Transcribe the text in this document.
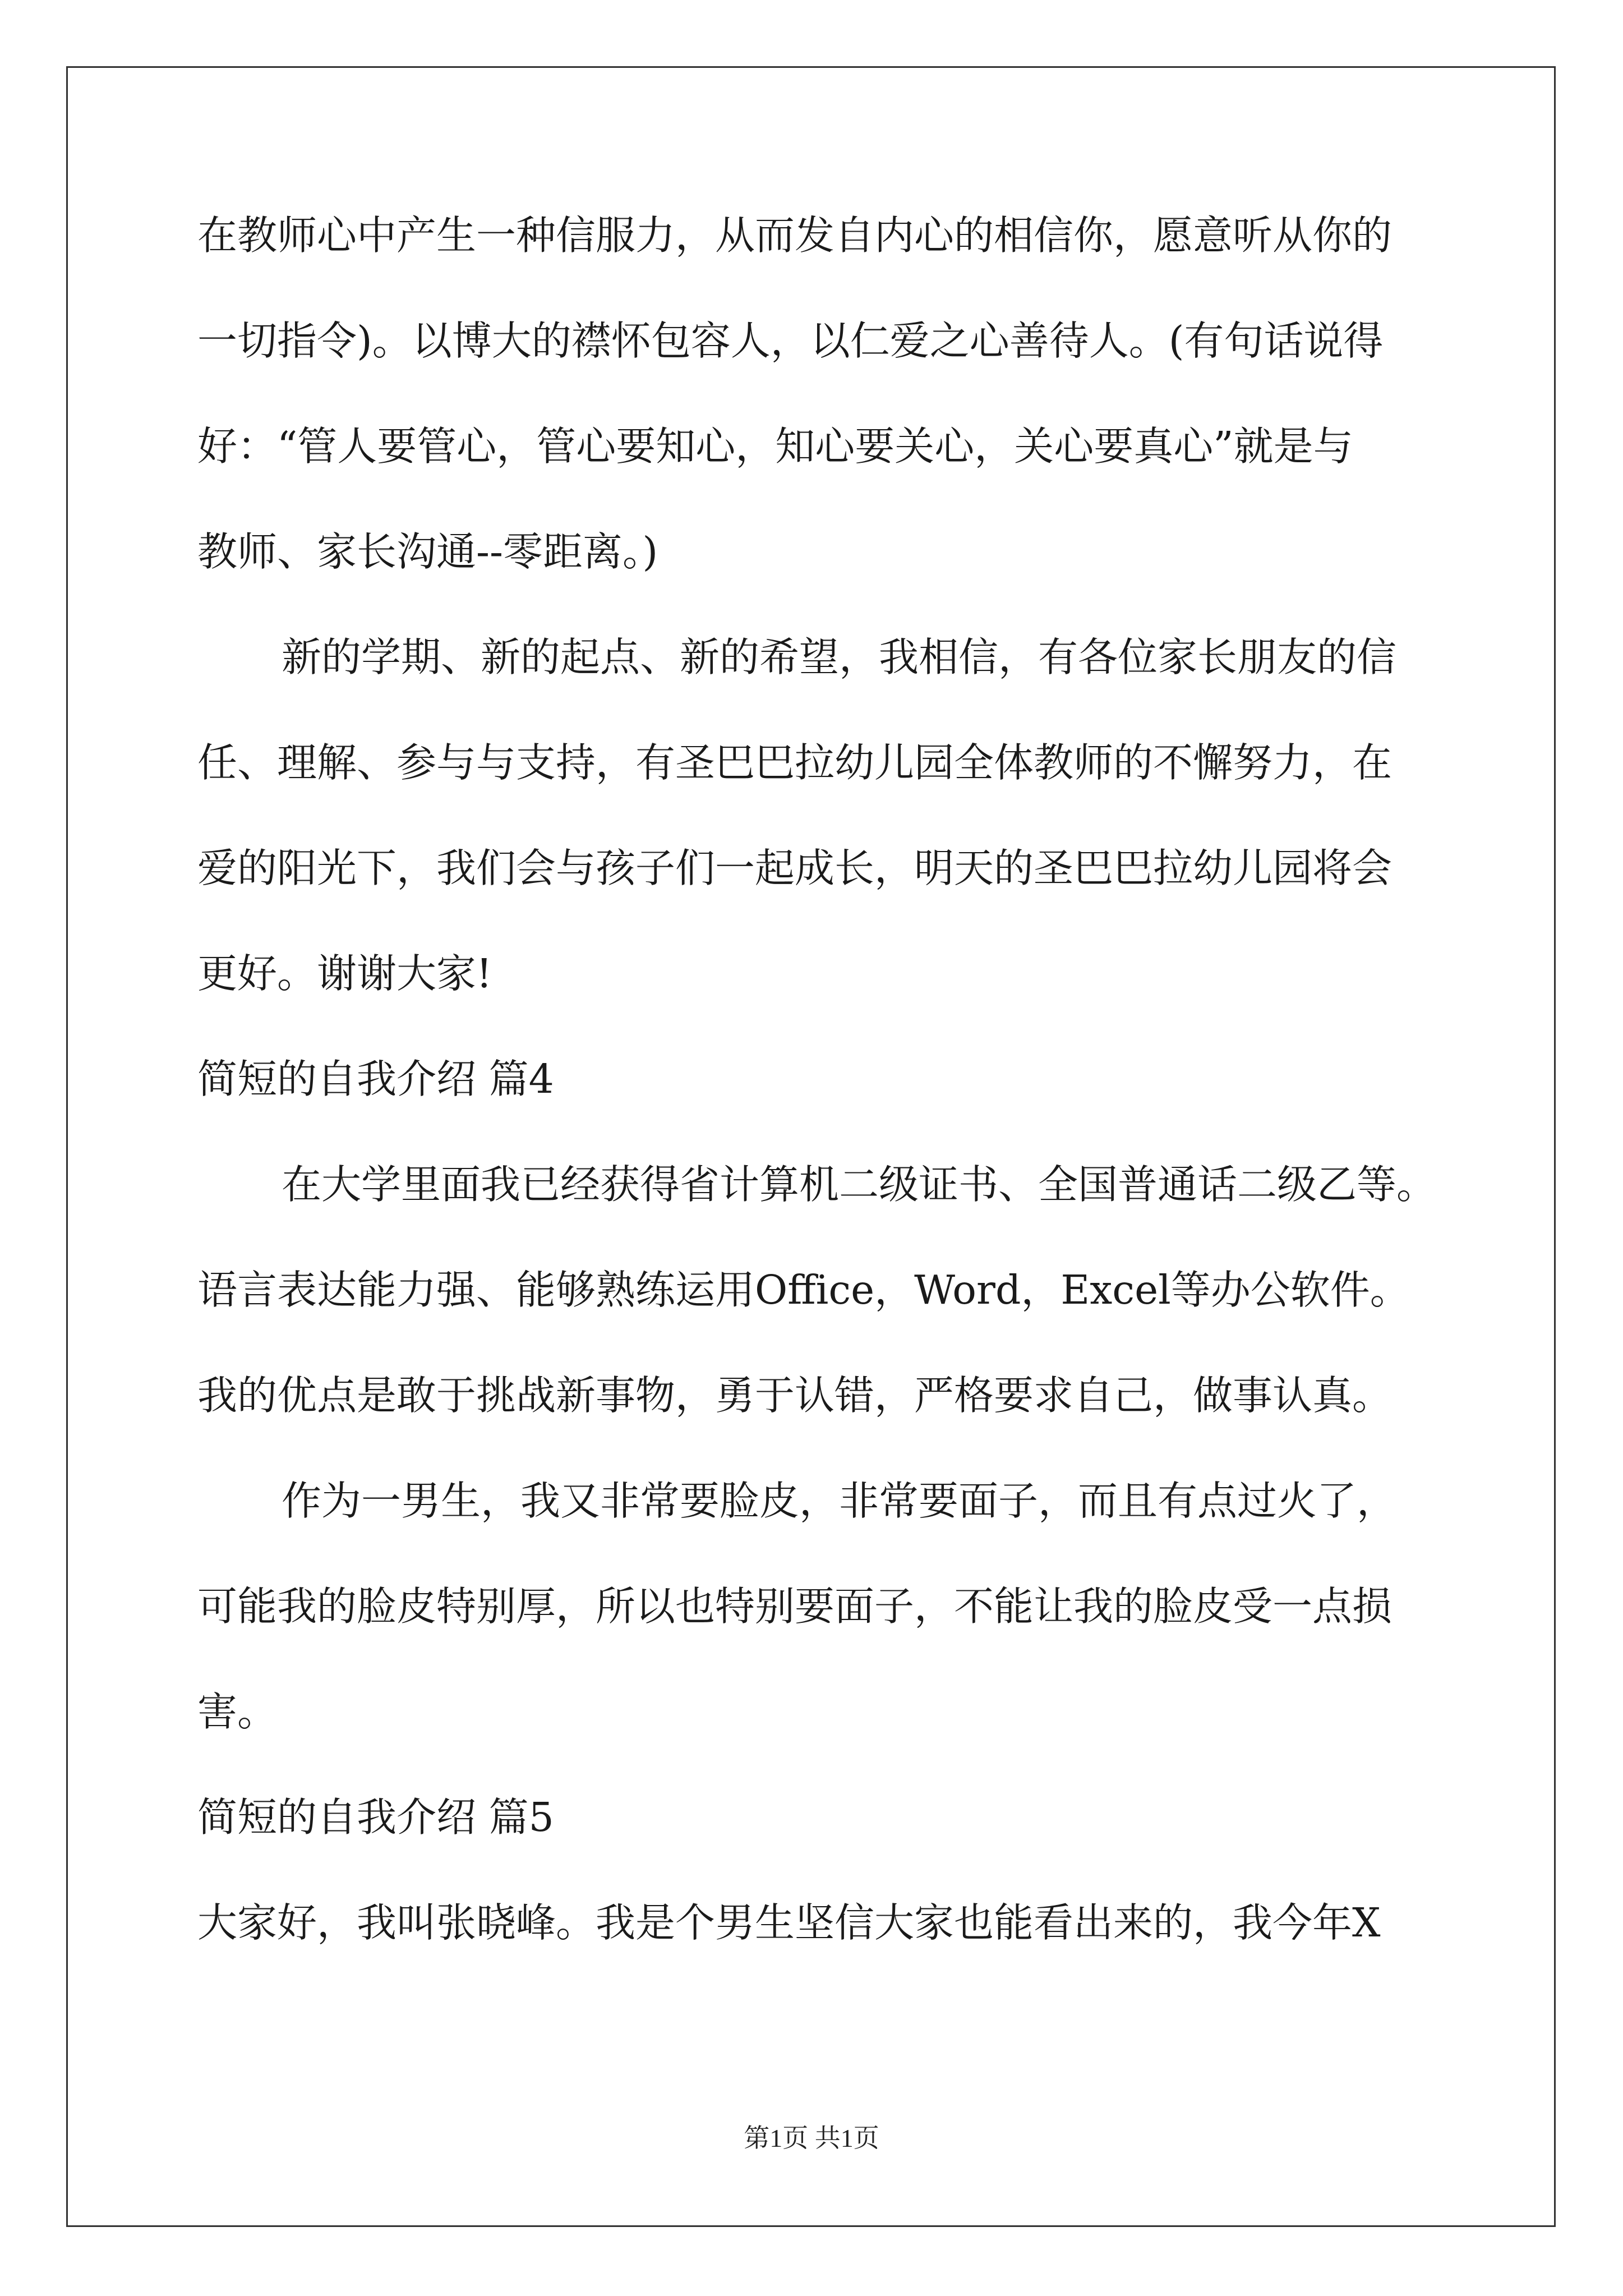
在教师心中产生一种信服力，从而发自内心的相信你，愿意听从你的
一切指令)。以博大的襟怀包容人，以仁爱之心善待人。(有句话说得
好：“管人要管心，管心要知心，知心要关心，关心要真心”就是与
教师、家长沟通--零距离。)
新的学期、新的起点、新的希望，我相信，有各位家长朋友的信
任、理解、参与与支持，有圣巴巴拉幼儿园全体教师的不懈努力，在
爱的阳光下，我们会与孩子们一起成长，明天的圣巴巴拉幼儿园将会
更好。谢谢大家!
简短的自我介绍 篇4
在大学里面我已经获得省计算机二级证书、全国普通话二级乙等。
语言表达能力强、能够熟练运用Office，Word，Excel等办公软件。
我的优点是敢于挑战新事物，勇于认错，严格要求自己，做事认真。
作为一男生，我又非常要脸皮，非常要面子，而且有点过火了，
可能我的脸皮特别厚，所以也特别要面子，不能让我的脸皮受一点损
害。
简短的自我介绍 篇5
大家好，我叫张晓峰。我是个男生坚信大家也能看出来的，我今年X
第1页 共1页
